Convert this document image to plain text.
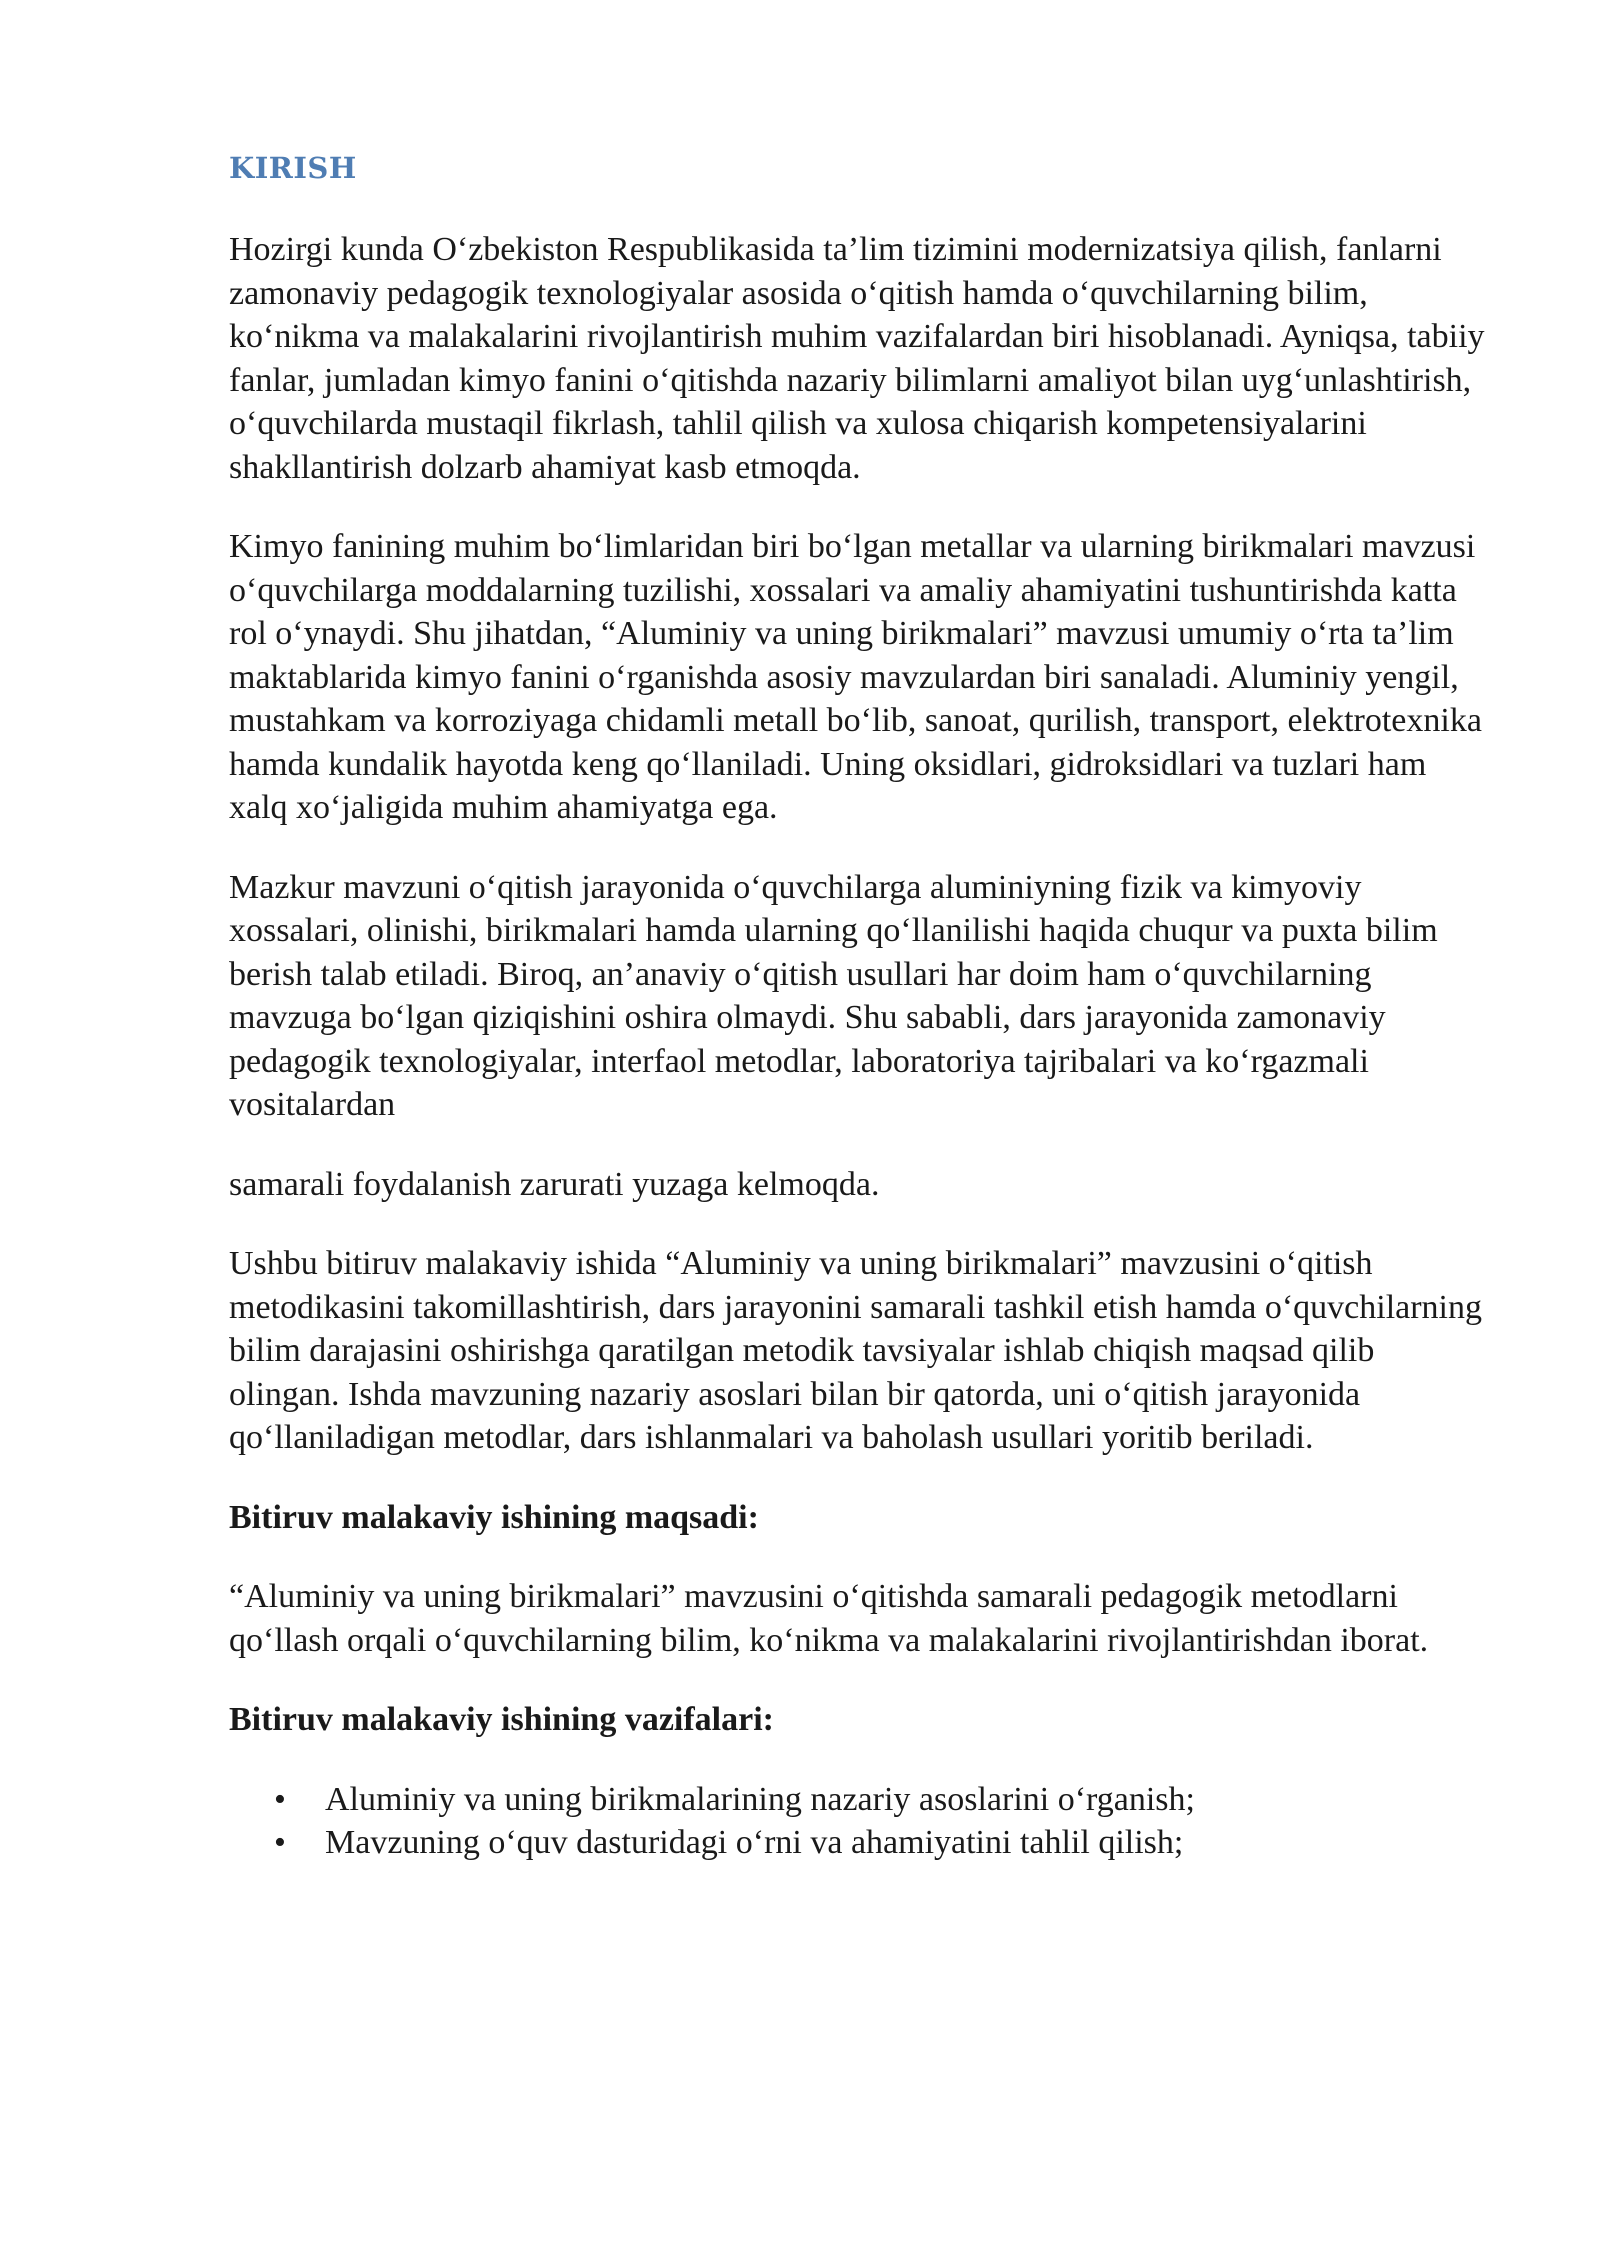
KIRISH

Hozirgi kunda O‘zbekiston Respublikasida ta’lim tizimini modernizatsiya qilish, fanlarni zamonaviy pedagogik texnologiyalar asosida o‘qitish hamda o‘quvchilarning bilim, ko‘nikma va malakalarini rivojlantirish muhim vazifalardan biri hisoblanadi. Ayniqsa, tabiiy fanlar, jumladan kimyo fanini o‘qitishda nazariy bilimlarni amaliyot bilan uyg‘unlashtirish, o‘quvchilarda mustaqil fikrlash, tahlil qilish va xulosa chiqarish kompetensiyalarini shakllantirish dolzarb ahamiyat kasb etmoqda.

Kimyo fanining muhim bo‘limlaridan biri bo‘lgan metallar va ularning birikmalari mavzusi o‘quvchilarga moddalarning tuzilishi, xossalari va amaliy ahamiyatini tushuntirishda katta rol o‘ynaydi. Shu jihatdan, “Aluminiy va uning birikmalari” mavzusi umumiy o‘rta ta’lim maktablarida kimyo fanini o‘rganishda asosiy mavzulardan biri sanaladi. Aluminiy yengil, mustahkam va korroziyaga chidamli metall bo‘lib, sanoat, qurilish, transport, elektrotexnika hamda kundalik hayotda keng qo‘llaniladi. Uning oksidlari, gidroksidlari va tuzlari ham xalq xo‘jaligida muhim ahamiyatga ega.

Mazkur mavzuni o‘qitish jarayonida o‘quvchilarga aluminiyning fizik va kimyoviy xossalari, olinishi, birikmalari hamda ularning qo‘llanilishi haqida chuqur va puxta bilim berish talab etiladi. Biroq, an’anaviy o‘qitish usullari har doim ham o‘quvchilarning mavzuga bo‘lgan qiziqishini oshira olmaydi. Shu sababli, dars jarayonida zamonaviy pedagogik texnologiyalar, interfaol metodlar, laboratoriya tajribalari va ko‘rgazmali vositalardan

samarali foydalanish zarurati yuzaga kelmoqda.

Ushbu bitiruv malakaviy ishida “Aluminiy va uning birikmalari” mavzusini o‘qitish metodikasini takomillashtirish, dars jarayonini samarali tashkil etish hamda o‘quvchilarning bilim darajasini oshirishga qaratilgan metodik tavsiyalar ishlab chiqish maqsad qilib olingan. Ishda mavzuning nazariy asoslari bilan bir qatorda, uni o‘qitish jarayonida qo‘llaniladigan metodlar, dars ishlanmalari va baholash usullari yoritib beriladi.

Bitiruv malakaviy ishining maqsadi:

“Aluminiy va uning birikmalari” mavzusini o‘qitishda samarali pedagogik metodlarni qo‘llash orqali o‘quvchilarning bilim, ko‘nikma va malakalarini rivojlantirishdan iborat.

Bitiruv malakaviy ishining vazifalari:

• Aluminiy va uning birikmalarining nazariy asoslarini o‘rganish;
• Mavzuning o‘quv dasturidagi o‘rni va ahamiyatini tahlil qilish;
